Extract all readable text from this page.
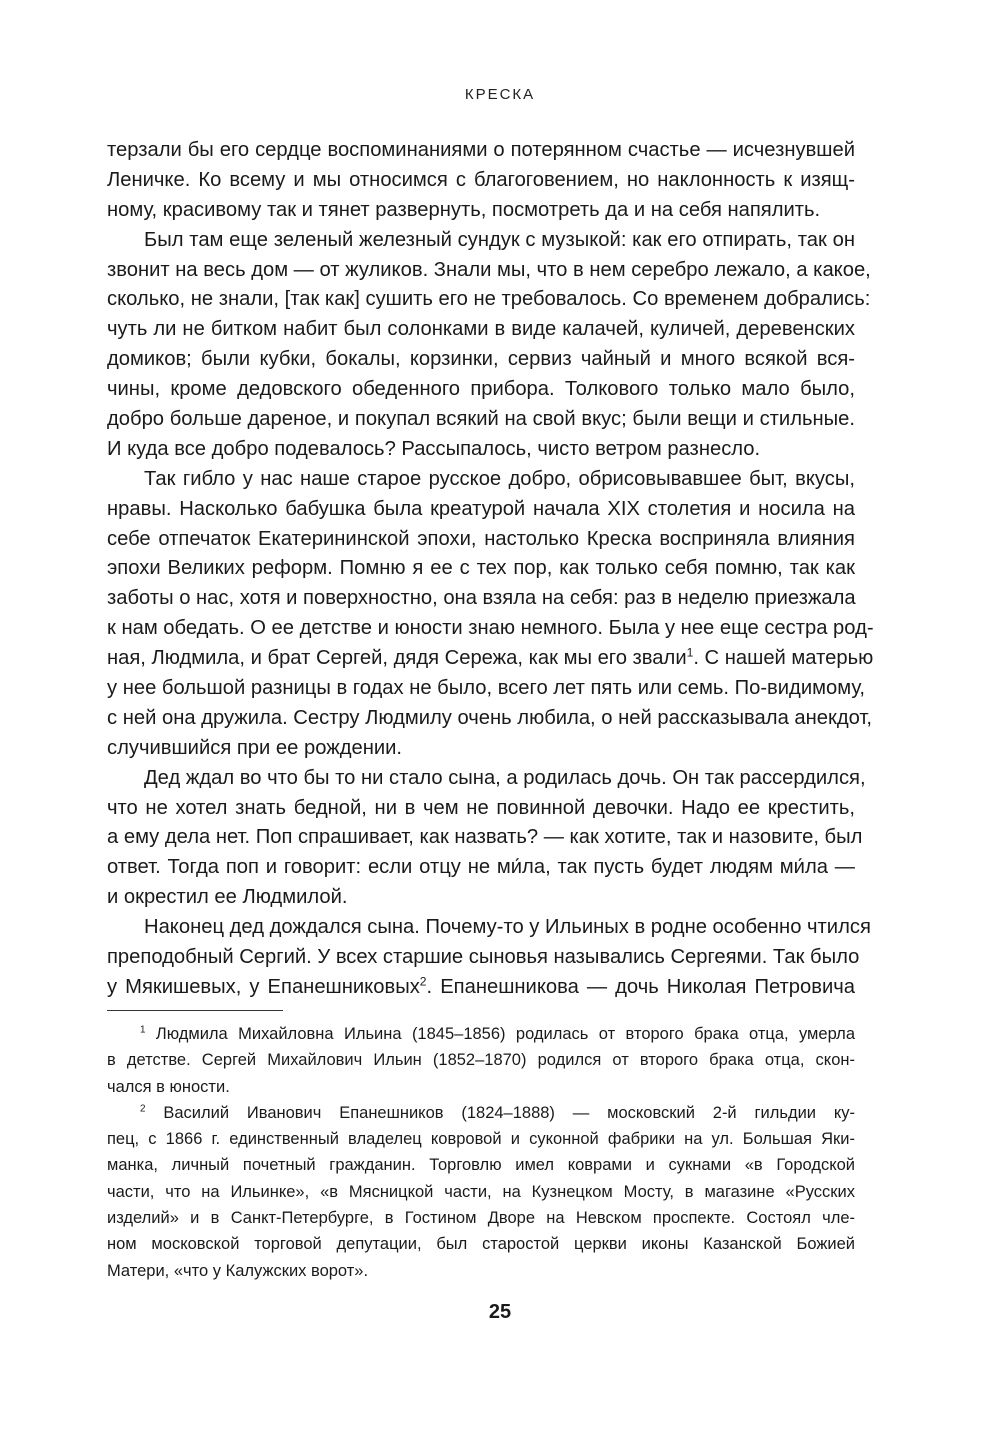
КРЕСКА
терзали бы его сердце воспоминаниями о потерянном счастье — исчезнувшей
Леничке. Ко всему и мы относимся с благоговением, но наклонность к изящ-
ному, красивому так и тянет развернуть, посмотреть да и на себя напялить.
Был там еще зеленый железный сундук с музыкой: как его отпирать, так он
звонит на весь дом — от жуликов. Знали мы, что в нем серебро лежало, а какое,
сколько, не знали, [так как] сушить его не требовалось. Со временем добрались:
чуть ли не битком набит был солонками в виде калачей, куличей, деревенских
домиков; были кубки, бокалы, корзинки, сервиз чайный и много всякой вся-
чины, кроме дедовского обеденного прибора. Толкового только мало было,
добро больше дареное, и покупал всякий на свой вкус; были вещи и стильные.
И куда все добро подевалось? Рассыпалось, чисто ветром разнесло.
Так гибло у нас наше старое русское добро, обрисовывавшее быт, вкусы,
нравы. Насколько бабушка была креатурой начала XIX столетия и носила на
себе отпечаток Екатерининской эпохи, настолько Креска восприняла влияния
эпохи Великих реформ. Помню я ее с тех пор, как только себя помню, так как
заботы о нас, хотя и поверхностно, она взяла на себя: раз в неделю приезжала
к нам обедать. О ее детстве и юности знаю немного. Была у нее еще сестра род-
ная, Людмила, и брат Сергей, дядя Сережа, как мы его звали$^1$. С нашей матерью
у нее большой разницы в годах не было, всего лет пять или семь. По-видимому,
с ней она дружила. Сестру Людмилу очень любила, о ней рассказывала анекдот,
случившийся при ее рождении.
Дед ждал во что бы то ни стало сына, а родилась дочь. Он так рассердился,
что не хотел знать бедной, ни в чем не повинной девочки. Надо ее крестить,
а ему дела нет. Поп спрашивает, как назвать? — как хотите, так и назовите, был
ответ. Тогда поп и говорит: если отцу не ми́ла, так пусть будет людям ми́ла —
и окрестил ее Людмилой.
Наконец дед дождался сына. Почему-то у Ильиных в родне особенно чтился
преподобный Сергий. У всех старшие сыновья назывались Сергеями. Так было
у Мякишевых, у Епанешниковых$^2$. Епанешникова — дочь Николая Петровича
$^1$ Людмила Михайловна Ильина (1845–1856) родилась от второго брака отца, умерла
в детстве. Сергей Михайлович Ильин (1852–1870) родился от второго брака отца, скон-
чался в юности.
$^2$ Василий Иванович Епанешников (1824–1888) — московский 2-й гильдии ку-
пец, с 1866 г. единственный владелец ковровой и суконной фабрики на ул. Большая Яки-
манка, личный почетный гражданин. Торговлю имел коврами и сукнами «в Городской
части, что на Ильинке», «в Мясницкой части, на Кузнецком Мосту, в магазине «Русских
изделий» и в Санкт-Петербурге, в Гостином Дворе на Невском проспекте. Состоял чле-
ном московской торговой депутации, был старостой церкви иконы Казанской Божией
Матери, «что у Калужских ворот».
25
